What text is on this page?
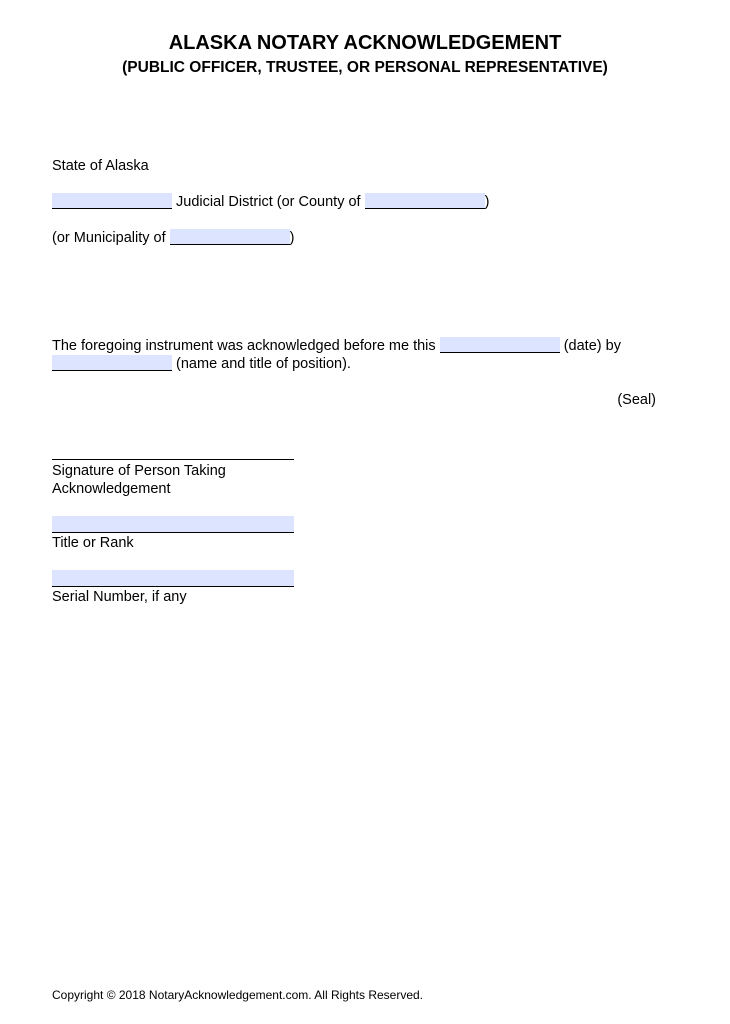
ALASKA NOTARY ACKNOWLEDGEMENT
(PUBLIC OFFICER, TRUSTEE, OR PERSONAL REPRESENTATIVE)
State of Alaska
Judicial District (or County of	)
(or Municipality of	)
The foregoing instrument was acknowledged before me this	(date) by
(name and title of position).
(Seal)
Signature of Person Taking
Acknowledgement
Title or Rank
Serial Number, if any
Copyright © 2018 NotaryAcknowledgement.com. All Rights Reserved.
